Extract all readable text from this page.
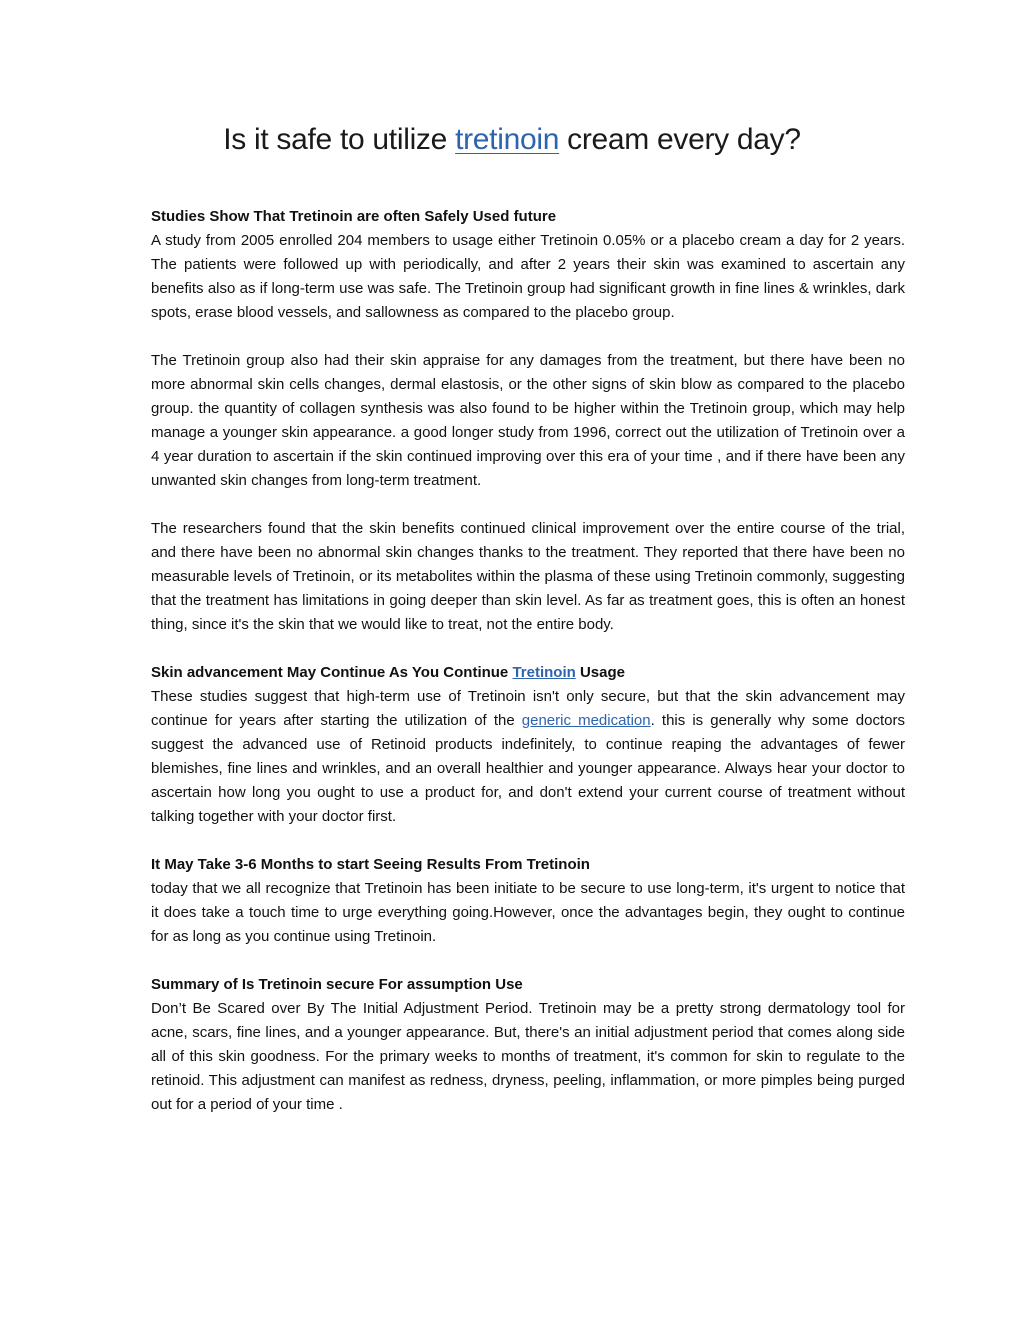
Is it safe to utilize tretinoin cream every day?

Studies Show That Tretinoin are often Safely Used future

A study from 2005 enrolled 204 members to usage either Tretinoin 0.05% or a placebo cream a day for 2 years. The patients were followed up with periodically, and after 2 years their skin was examined to ascertain any benefits also as if long-term use was safe. The Tretinoin group had significant growth in fine lines & wrinkles, dark spots, erase blood vessels, and sallowness as compared to the placebo group.

The Tretinoin group also had their skin appraise for any damages from the treatment, but there have been no more abnormal skin cells changes, dermal elastosis, or the other signs of skin blow as compared to the placebo group. the quantity of collagen synthesis was also found to be higher within the Tretinoin group, which may help manage a younger skin appearance. a good longer study from 1996, correct out the utilization of Tretinoin over a 4 year duration to ascertain if the skin continued improving over this era of your time , and if there have been any unwanted skin changes from long-term treatment.

The researchers found that the skin benefits continued clinical improvement over the entire course of the trial, and there have been no abnormal skin changes thanks to the treatment. They reported that there have been no measurable levels of Tretinoin, or its metabolites within the plasma of these using Tretinoin commonly, suggesting that the treatment has limitations in going deeper than skin level. As far as treatment goes, this is often an honest thing, since it's the skin that we would like to treat, not the entire body.

Skin advancement May Continue As You Continue Tretinoin Usage

These studies suggest that high-term use of Tretinoin isn't only secure, but that the skin advancement may continue for years after starting the utilization of the generic medication. this is generally why some doctors suggest the advanced use of Retinoid products indefinitely, to continue reaping the advantages of fewer blemishes, fine lines and wrinkles, and an overall healthier and younger appearance. Always hear your doctor to ascertain how long you ought to use a product for, and don't extend your current course of treatment without talking together with your doctor first.

It May Take 3-6 Months to start Seeing Results From Tretinoin

today that we all recognize that Tretinoin has been initiate to be secure to use long-term, it's urgent to notice that it does take a touch time to urge everything going.However, once the advantages begin, they ought to continue for as long as you continue using Tretinoin.

Summary of Is Tretinoin secure For assumption Use

Don’t Be Scared over By The Initial Adjustment Period. Tretinoin may be a pretty strong dermatology tool for acne, scars, fine lines, and a younger appearance. But, there's an initial adjustment period that comes along side all of this skin goodness. For the primary weeks to months of treatment, it's common for skin to regulate to the retinoid. This adjustment can manifest as redness, dryness, peeling, inflammation, or more pimples being purged out for a period of your time .
